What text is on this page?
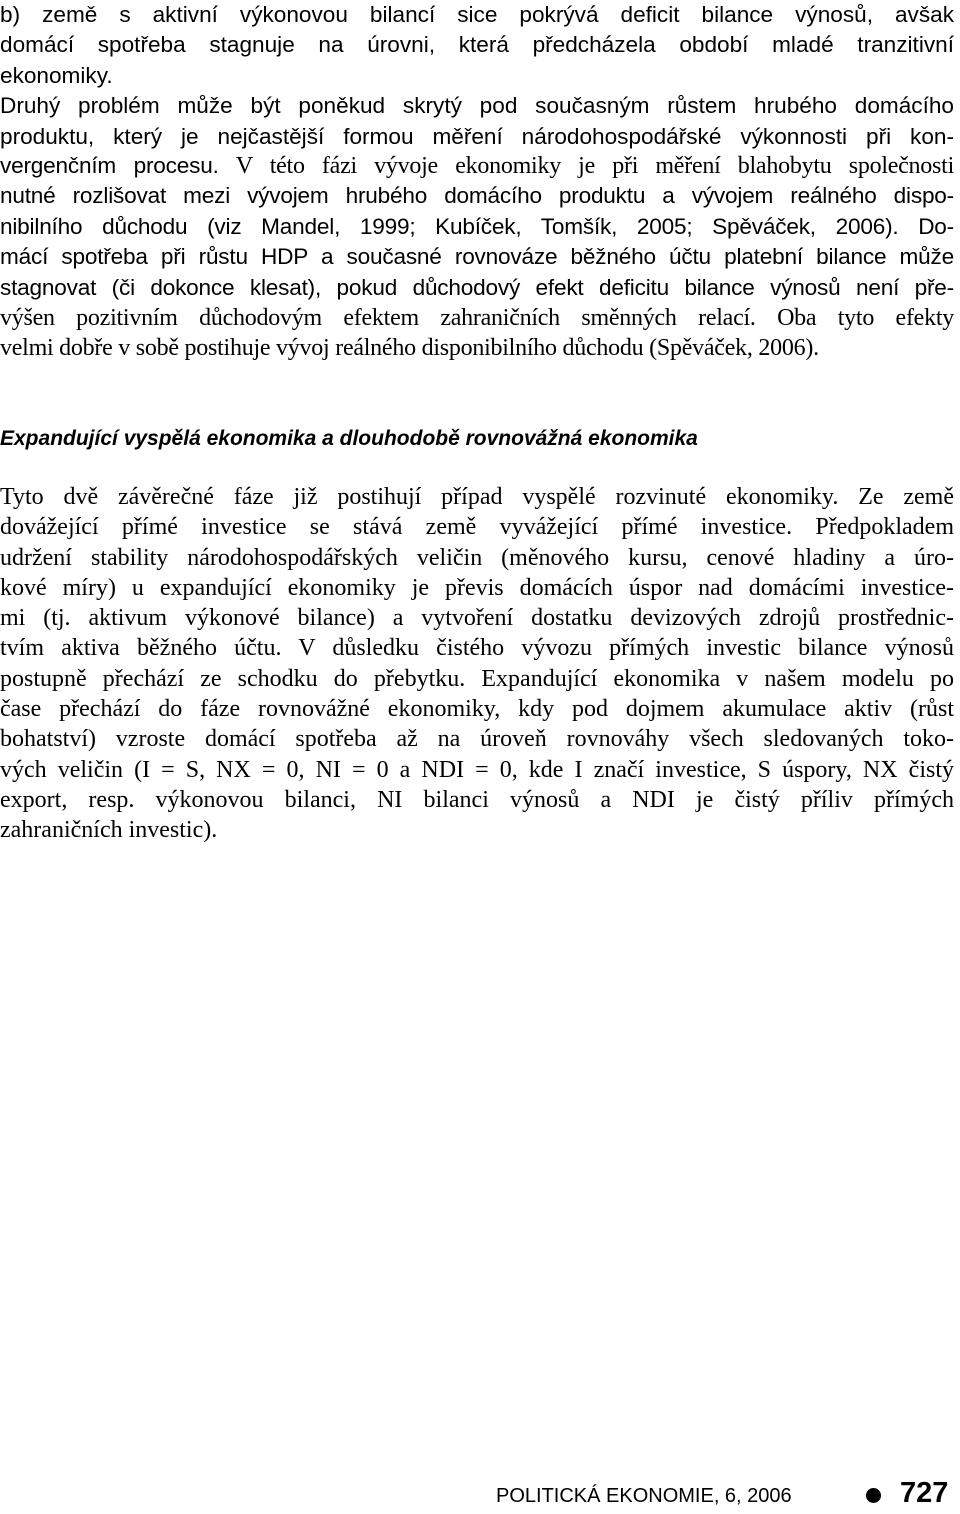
b) země s aktivní výkonovou bilancí sice pokrývá deficit bilance výnosů, avšak
domácí spotřeba stagnuje na úrovni, která předcházela období mladé tranzitivní
ekonomiky.
Druhý problém může být poněkud skrytý pod současným růstem hrubého domácího
produktu, který je nejčastější formou měření národohospodářské výkonnosti při kon-
vergenčním procesu. V této fázi vývoje ekonomiky je při měření blahobytu společnosti
nutné rozlišovat mezi vývojem hrubého domácího produktu a vývojem reálného dispo-
nibilního důchodu (viz Mandel, 1999; Kubíček, Tomšík, 2005; Spěváček, 2006). Do-
mácí spotřeba při růstu HDP a současné rovnováze běžného účtu platební bilance může
stagnovat (či dokonce klesat), pokud důchodový efekt deficitu bilance výnosů není pře-
výšen pozitivním důchodovým efektem zahraničních směnných relací. Oba tyto efekty
velmi dobře v sobě postihuje vývoj reálného disponibilního důchodu (Spěváček, 2006).
Expandující vyspělá ekonomika a dlouhodobě rovnovážná ekonomika
Tyto dvě závěrečné fáze již postihují případ vyspělé rozvinuté ekonomiky. Ze země
dovážející přímé investice se stává země vyvážející přímé investice. Předpokladem
udržení stability národohospodářských veličin (měnového kursu, cenové hladiny a úro-
kové míry) u expandující ekonomiky je převis domácích úspor nad domácími investice-
mi (tj. aktivum výkonové bilance) a vytvoření dostatku devizových zdrojů prostřednic-
tvím aktiva běžného účtu. V důsledku čistého vývozu přímých investic bilance výnosů
postupně přechází ze schodku do přebytku. Expandující ekonomika v našem modelu po
čase přechází do fáze rovnovážné ekonomiky, kdy pod dojmem akumulace aktiv (růst
bohatství) vzroste domácí spotřeba až na úroveň rovnováhy všech sledovaných toko-
vých veličin (I = S, NX = 0, NI = 0 a NDI = 0, kde I značí investice, S úspory, NX čistý
export, resp. výkonovou bilanci, NI bilanci výnosů a NDI je čistý příliv přímých
zahraničních investic).
POLITICKÁ EKONOMIE, 6, 2006	727
